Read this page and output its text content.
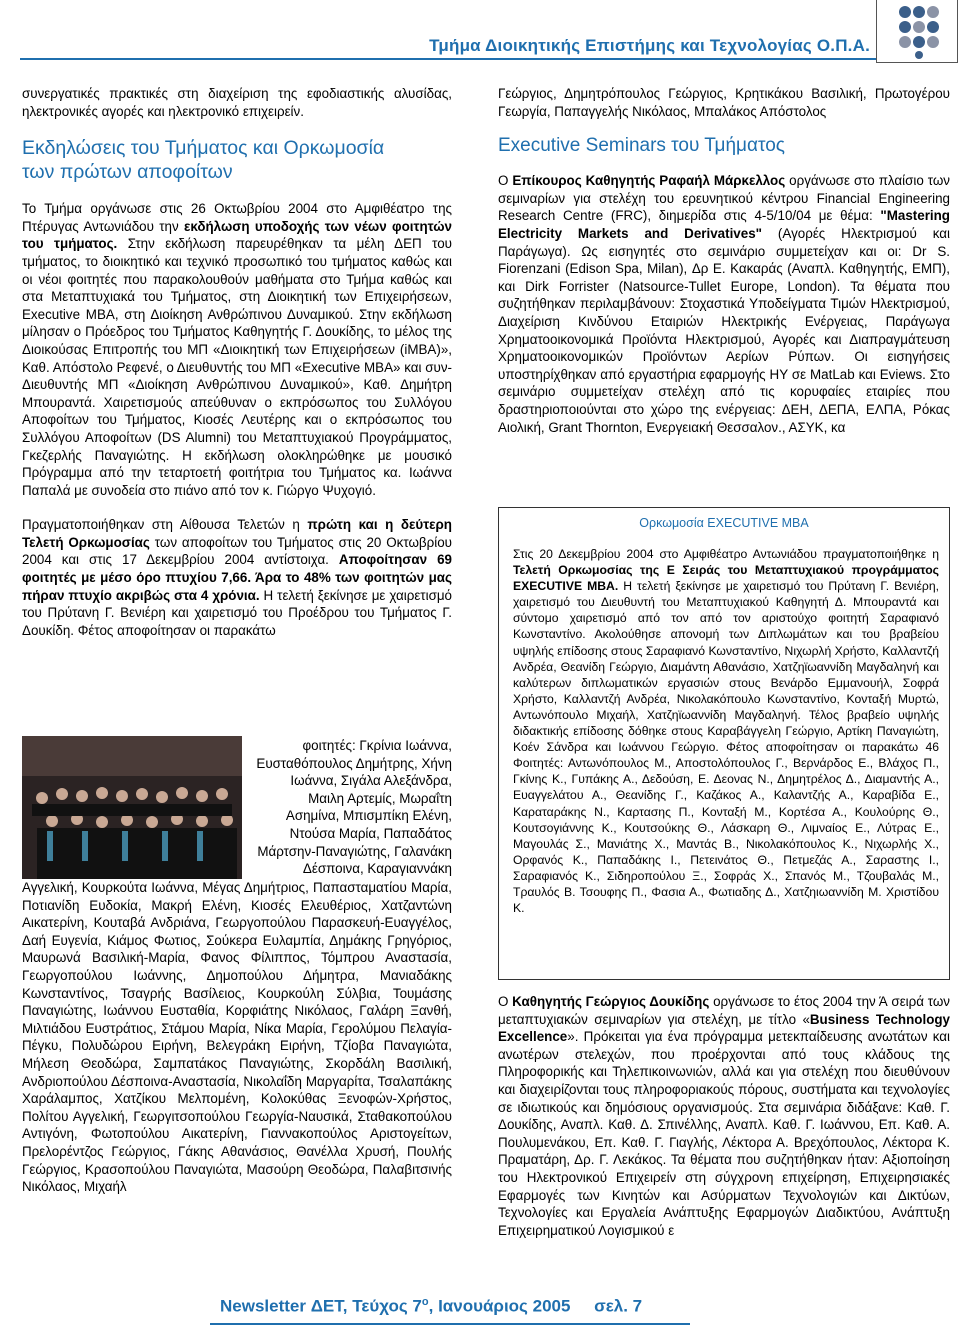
Τμήμα Διοικητικής Επιστήμης και Τεχνολογίας Ο.Π.Α.

συνεργατικές πρακτικές στη διαχείριση της εφοδιαστικής αλυσίδας, ηλεκτρονικές αγορές και ηλεκτρονικό επιχειρείν.

Εκδηλώσεις του Τμήματος και Ορκωμοσία

των πρώτων αποφοίτων

Το Τμήμα οργάνωσε στις 26 Οκτωβρίου 2004 στο Αμφιθέατρο της Πτέρυγας Αντωνιάδου την εκδήλωση υποδοχής των νέων φοιτητών του τμήματος. Στην εκδήλωση παρευρέθηκαν τα μέλη ΔΕΠ του τμήματος, το διοικητικό και τεχνικό προσωπικό του τμήματος καθώς και οι νέοι φοιτητές που παρακολουθούν μαθήματα στο Τμήμα καθώς και στα Μεταπτυχιακά του Τμήματος, στη Διοικητική των Επιχειρήσεων, Executive MBA, στη Διοίκηση Ανθρώπινου Δυναμικού. Στην εκδήλωση μίλησαν ο Πρόεδρος του Τμήματος Καθηγητής Γ. Δουκίδης, το μέλος της Διοικούσας Επιτροπής του ΜΠ «Διοικητική των Επιχειρήσεων (iMBA)», Καθ. Απόστολο Ρεφενέ, ο Διευθυντής του ΜΠ «Executive MBA» και συν-Διευθυντής ΜΠ «Διοίκηση Ανθρώπινου Δυναμικού», Καθ. Δημήτρη Μπουραντά. Χαιρετισμούς απεύθυναν ο εκπρόσωπος του Συλλόγου Αποφοίτων του Τμήματος, Κιοσές Λευτέρης και ο εκπρόσωπος του Συλλόγου Αποφοίτων (DS Alumni) του Μεταπτυχιακού Προγράμματος, Γκεζερλής Παναγιώτης. Η εκδήλωση ολοκληρώθηκε με μουσικό Πρόγραμμα από την τεταρτοετή φοιτήτρια του Τμήματος κα. Ιωάννα Παπαλά με συνοδεία στο πιάνο από τον κ. Γιώργο Ψυχογιό.

Πραγματοποιήθηκαν στη Αίθουσα Τελετών η πρώτη και η δεύτερη Τελετή Ορκωμοσίας των αποφοίτων του Τμήματος στις 20 Οκτωβρίου 2004 και στις 17 Δεκεμβρίου 2004 αντίστοιχα. Αποφοίτησαν 69 φοιτητές με μέσο όρο πτυχίου 7,66. Άρα το 48% των φοιτητών μας πήραν πτυχίο ακριβώς στα 4 χρόνια. Η τελετή ξεκίνησε με χαιρετισμό του Πρύτανη Γ. Βενιέρη και χαιρετισμό του Προέδρου του Τμήματος Γ. Δουκίδη. Φέτος αποφοίτησαν οι παρακάτω

φοιτητές: Γκρίνια Ιωάννα, Ευσταθόπουλος Δημήτρης, Χήνη Ιωάννα, Σιγάλα Αλεξάνδρα, Μαιλη Αρτεμίς, Μωραΐτη Ασημίνα, Μπισμπίκη Ελένη, Ντούσα Μαρία, Παπαδάτος Μάρτσην-Παναγιώτης, Γαλανάκη Δέσποινα, Καραγιαννάκη

Αγγελική, Κουρκούτα Ιωάννα, Μέγας Δημήτριος, Παπασταματίου Μαρία, Ποτιανίδη Ευδοκία, Μακρή Ελένη, Κιοσές Ελευθέριος, Χατζαντώνη Αικατερίνη, Κουταβά Ανδριάνα, Γεωργοπούλου Παρασκευή-Ευαγγέλος, Δαή Ευγενία, Κιάμος Φωτιος, Σούκερα Ευλαμπία, Δημάκης Γρηγόριος, Μαυρωνά Βασιλική-Μαρία, Φανος Φίλιππος, Τόμπρου Αναστασία, Γεωργοπούλου Ιωάννης, Δημοπούλου Δήμητρα, Μανιαδάκης Κωνσταντίνος, Τσαγρής Βασίλειος, Κουρκούλη Σύλβια, Τουμάσης Παναγιώτης, Ιωάννου Ευσταθία, Κορφιάτης Νικόλαος, Γαλάρη Ξανθή, Μιλτιάδου Ευστράτιος, Στάμου Μαρία, Νίκα Μαρία, Γερολύμου Πελαγία-Πέγκυ, Πολυδώρου Ειρήνη, Βελεγράκη Ειρήνη, Τζίοβα Παναγιώτα, Μήλεση Θεοδώρα, Σαμπατάκος Παναγιώτης, Σκορδάλη Βασιλική, Ανδριοπούλου Δέσποινα-Αναστασία, Νικολαΐδη Μαργαρίτα, Τσαλαπάκης Χαράλαμπος, Χατζίκου Μελπομένη, Κολοκύθας Ξενοφών-Χρήστος, Πολίτου Αγγελική, Γεωργιτσοπούλου Γεωργία-Ναυσικά, Σταθακοπούλου Αντιγόνη, Φωτοπούλου Αικατερίνη, Γιαννακοπούλος Αριστογείτων, Πρελορέντζος Γεώργιος, Γάκης Αθανάσιος, Θανέλλα Χρυσή, Πουλής Γεώργιος, Κρασοπούλου Παναγιώτα, Μασούρη Θεοδώρα, Παλαβιτσινής Νικόλαος, Μιχαήλ

Γεώργιος, Δημητρόπουλος Γεώργιος, Κρητικάκου Βασιλική, Πρωτογέρου Γεωργία, Παπαγγελής Νικόλαος, Μπαλάκος Απόστολος

Executive Seminars του Τμήματος

Ο Επίκουρος Καθηγητής Ραφαήλ Μάρκελλος οργάνωσε στο πλαίσιο των σεμιναρίων για στελέχη του ερευνητικού κέντρου Financial Engineering Research Centre (FRC), διημερίδα στις 4-5/10/04 με θέμα: "Mastering Electricity Markets and Derivatives" (Αγορές Ηλεκτρισμού και Παράγωγα). Ως εισηγητές στο σεμινάριο συμμετείχαν και οι: Dr S. Fiorenzani (Edison Spa, Milan), Δρ Ε. Κακαράς (Αναπλ. Καθηγητής, ΕΜΠ), και Dirk Forrister (Natsource-Tullet Europe, London). Τα θέματα που συζητήθηκαν περιλαμβάνουν: Στοχαστικά Υποδείγματα Τιμών Ηλεκτρισμού, Διαχείριση Κινδύνου Εταιριών Ηλεκτρικής Ενέργειας, Παράγωγα Χρηματοοικονομικά Προϊόντα Ηλεκτρισμού, Αγορές και Διαπραγμάτευση Χρηματοοικονομικών Προϊόντων Αερίων Ρύπων. Οι εισηγήσεις υποστηρίχθηκαν από εργαστήρια εφαρμογής ΗΥ σε MatLab και Eviews. Στο σεμινάριο συμμετείχαν στελέχη από τις κορυφαίες εταιρίες που δραστηριοποιούνται στο χώρο της ενέργειας: ΔΕΗ, ΔΕΠΑ, ΕΛΠΑ, Ρόκας Αιολική, Grant Thornton, Ενεργειακή Θεσσαλον., ΑΣΥΚ, κα

Ορκωμοσία EXECUTIVE MBA
Στις 20 Δεκεμβρίου 2004 στο Αμφιθέατρο Αντωνιάδου πραγματοποιήθηκε η Τελετή Ορκωμοσίας της Ε Σειράς του Μεταπτυχιακού προγράμματος EXECUTIVE MBA. Η τελετή ξεκίνησε με χαιρετισμό του Πρύτανη Γ. Βενιέρη, χαιρετισμό του Διευθυντή του Μεταπτυχιακού Καθηγητή Δ. Μπουραντά και σύντομο χαιρετισμό από τον από τον αριστούχο φοιτητή Σαραφιανό Κωνσταντίνο. Ακολούθησε απονομή των Διπλωμάτων και του βραβείου υψηλής επίδοσης στους Σαραφιανό Κωνσταντίνο, Νιχωρλή Χρήστο, Καλλαντζή Ανδρέα, Θεανίδη Γεώργιο, Διαμάντη Αθανάσιο, Χατζηϊωαννίδη Μαγδαληνή και καλύτερων διπλωματικών εργασιών στους Βενάρδο Εμμανουήλ, Σοφρά Χρήστο, Καλλαντζή Ανδρέα, Νικολακόπουλο Κωνσταντίνο, Κονταξή Μυρτώ, Αντωνόπουλο Μιχαήλ, Χατζηϊωαννίδη Μαγδαληνή. Τέλος βραβείο υψηλής διδακτικής επίδοσης δόθηκε στους Καραβάγγελη Γεώργιο, Αρτίκη Παναγιώτη, Κοέν Σάνδρα και Ιωάννου Γεώργιο. Φέτος αποφοίτησαν οι παρακάτω 46 Φοιτητές: Αντωνόπουλος Μ., Αποστολόπουλος Γ., Βερνάρδος Ε., Βλάχος Π., Γκίνης Κ., Γυπάκης Α., Δεδούση, Ε. Δεονας Ν., Δημητρέλος Δ., Διαμαντής Α., Ευαγγελάτου Α., Θεανίδης Γ., Καζάκος Α., Καλαντζής Α., Καραβίδα Ε., Καραταράκης Ν., Καρτασης Π., Κονταξή Μ., Κορτέσα Α., Κουλούρης Θ., Κουτσογιάννης Κ., Κουτσούκης Θ., Λάσκαρη Θ., Λιμναίος Ε., Λύτρας Ε., Μαγουλάς Σ., Μανιάτης Χ., Μαντάς Β., Νικολακόπουλος Κ., Νιχωρλής Χ., Ορφανός Κ., Παπαδάκης Ι., Πετεινάτος Θ., Πετμεζάς Α., Σαραστης Ι., Σαραφιανός Κ., Σιδηροπούλου Ξ., Σοφράς Χ., Σπανός Μ., Τζουβαλάς Μ., Τραυλός Β. Τσουφης Π., Φασια Α., Φωτιαδης Δ., Χατζηιωαννίδη Μ. Χριστίδου Κ.

Ο Καθηγητής Γεώργιος Δουκίδης οργάνωσε το έτος 2004 την Ά σειρά των μεταπτυχιακών σεμιναρίων για στελέχη, με τίτλο «Business Technology Excellence». Πρόκειται για ένα πρόγραμμα μετεκπαίδευσης ανωτάτων και ανωτέρων στελεχών, που προέρχονται από τους κλάδους της Πληροφορικής και Τηλεπικοινωνιών, αλλά και για στελέχη που διευθύνουν και διαχειρίζονται τους πληροφοριακούς πόρους, συστήματα και τεχνολογίες σε ιδιωτικούς και δημόσιους οργανισμούς. Στα σεμινάρια διδάξανε: Καθ. Γ. Δουκίδης, Αναπλ. Καθ. Δ. Σπινέλλης, Αναπλ. Καθ. Γ. Ιωάννου, Επ. Καθ. Α. Πουλυμενάκου, Επ. Καθ. Γ. Γιαγλής, Λέκτορα Α. Βρεχόπουλος, Λέκτορα Κ. Πραματάρη, Δρ. Γ. Λεκάκος. Τα θέματα που συζητήθηκαν ήταν: Αξιοποίηση του Ηλεκτρονικού Επιχειρείν στη σύγχρονη επιχείρηση, Επιχειρησιακές Εφαρμογές των Κινητών και Ασύρματων Τεχνολογιών και Δικτύων, Τεχνολογίες και Εργαλεία Ανάπτυξης Εφαρμογών Διαδικτύου, Ανάπτυξη Επιχειρηματικού Λογισμικού ε

Newsletter ΔΕΤ, Τεύχος $7^o$, Ιανουάριος 2005 σελ. 7
